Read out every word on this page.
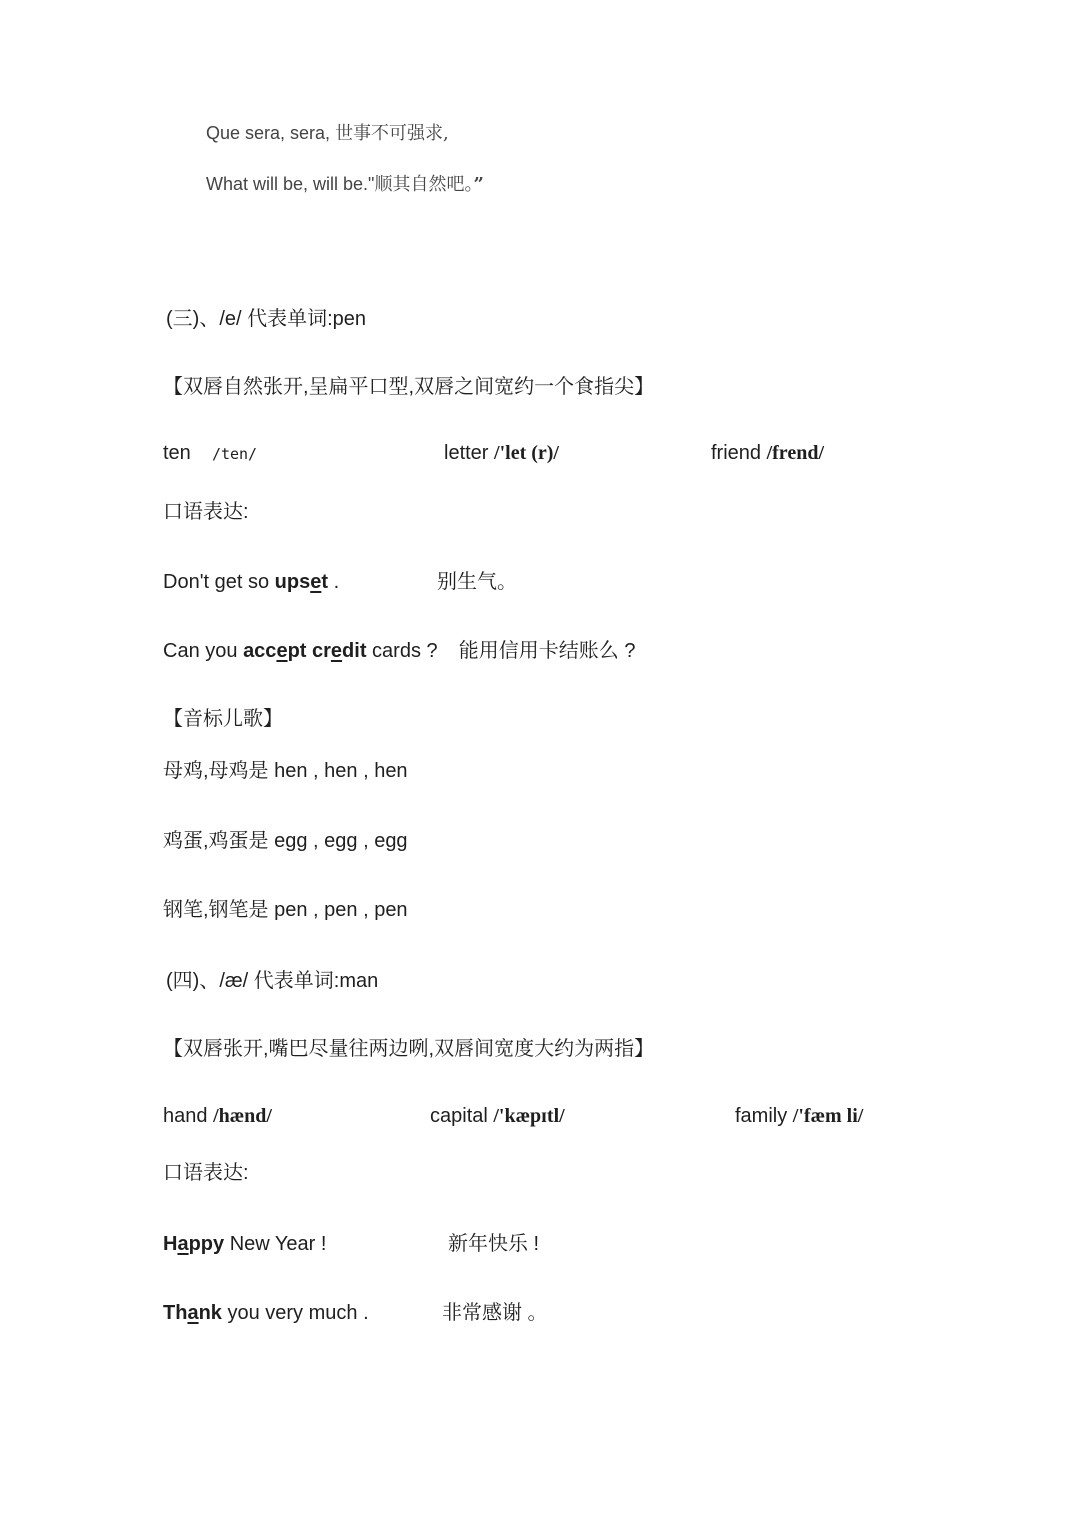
Que sera, sera, 世事不可强求,
What will be, will be."顺其自然吧。”
(三)、/e/ 代表单词:pen
【双唇自然张开,呈扁平口型,双唇之间宽约一个食指尖】
ten /ten/	letter /'let (r)/	friend /frend/
口语表达:
Don't get so upset .	别生气。
Can you accept credit cards ? 能用信用卡结账么 ?
【音标儿歌】
母鸡,母鸡是 hen , hen , hen
鸡蛋,鸡蛋是 egg , egg , egg
钢笔,钢笔是 pen , pen , pen
(四)、/æ/ 代表单词:man
【双唇张开,嘴巴尽量往两边咧,双唇间宽度大约为两指】
hand /hænd/	capital /'kæpɪtl/	family /'fæm li/
口语表达:
Happy New Year !	新年快乐 !
Thank you very much .	非常感谢 。
